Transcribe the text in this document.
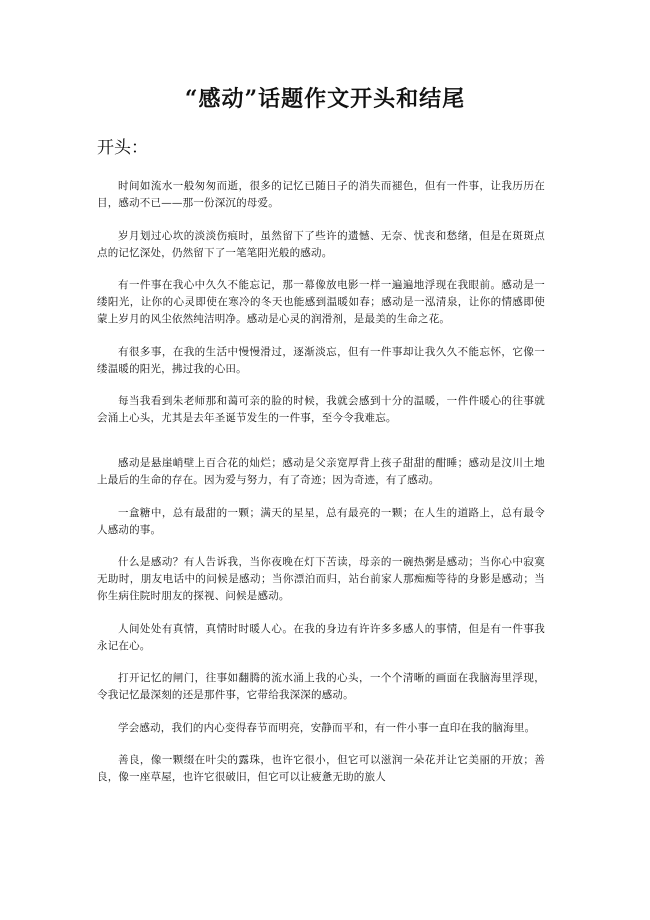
“感动”话题作文开头和结尾
开头：

时间如流水一般匆匆而逝，很多的记忆已随日子的消失而褪色，但有一件事，让我历历在目，感动不已——那一份深沉的母爱。

岁月划过心坎的淡淡伤痕时，虽然留下了些许的遗憾、无奈、忧丧和愁绪，但是在斑斑点点的记忆深处，仍然留下了一笔笔阳光般的感动。

有一件事在我心中久久不能忘记，那一幕像放电影一样一遍遍地浮现在我眼前。感动是一缕阳光，让你的心灵即使在寒冷的冬天也能感到温暖如春；感动是一泓清泉，让你的情感即使蒙上岁月的风尘依然纯洁明净。感动是心灵的润滑剂，是最美的生命之花。

有很多事，在我的生活中慢慢滑过，逐渐淡忘，但有一件事却让我久久不能忘怀，它像一缕温暖的阳光，拂过我的心田。

每当我看到朱老师那和蔼可亲的脸的时候，我就会感到十分的温暖，一件件暖心的往事就会涌上心头，尤其是去年圣诞节发生的一件事，至今令我难忘。

感动是悬崖峭壁上百合花的灿烂；感动是父亲宽厚背上孩子甜甜的酣睡；感动是汶川土地上最后的生命的存在。因为爱与努力，有了奇迹；因为奇迹，有了感动。

一盒糖中，总有最甜的一颗；满天的星星，总有最亮的一颗；在人生的道路上，总有最令人感动的事。

什么是感动？有人告诉我，当你夜晚在灯下苦读，母亲的一碗热粥是感动；当你心中寂寞无助时，朋友电话中的问候是感动；当你漂泊而归，站台前家人那痴痴等待的身影是感动；当你生病住院时朋友的探视、问候是感动。

人间处处有真情，真情时时暖人心。在我的身边有许许多多感人的事情，但是有一件事我永记在心。

打开记忆的闸门，往事如翻腾的流水涌上我的心头，一个个清晰的画面在我脑海里浮现，令我记忆最深刻的还是那件事，它带给我深深的感动。

学会感动，我们的内心变得春节而明亮，安静而平和，有一件小事一直印在我的脑海里。

善良，像一颗缀在叶尖的露珠，也许它很小，但它可以滋润一朵花并让它美丽的开放；善良，像一座草屋，也许它很破旧，但它可以让疲惫无助的旅人
